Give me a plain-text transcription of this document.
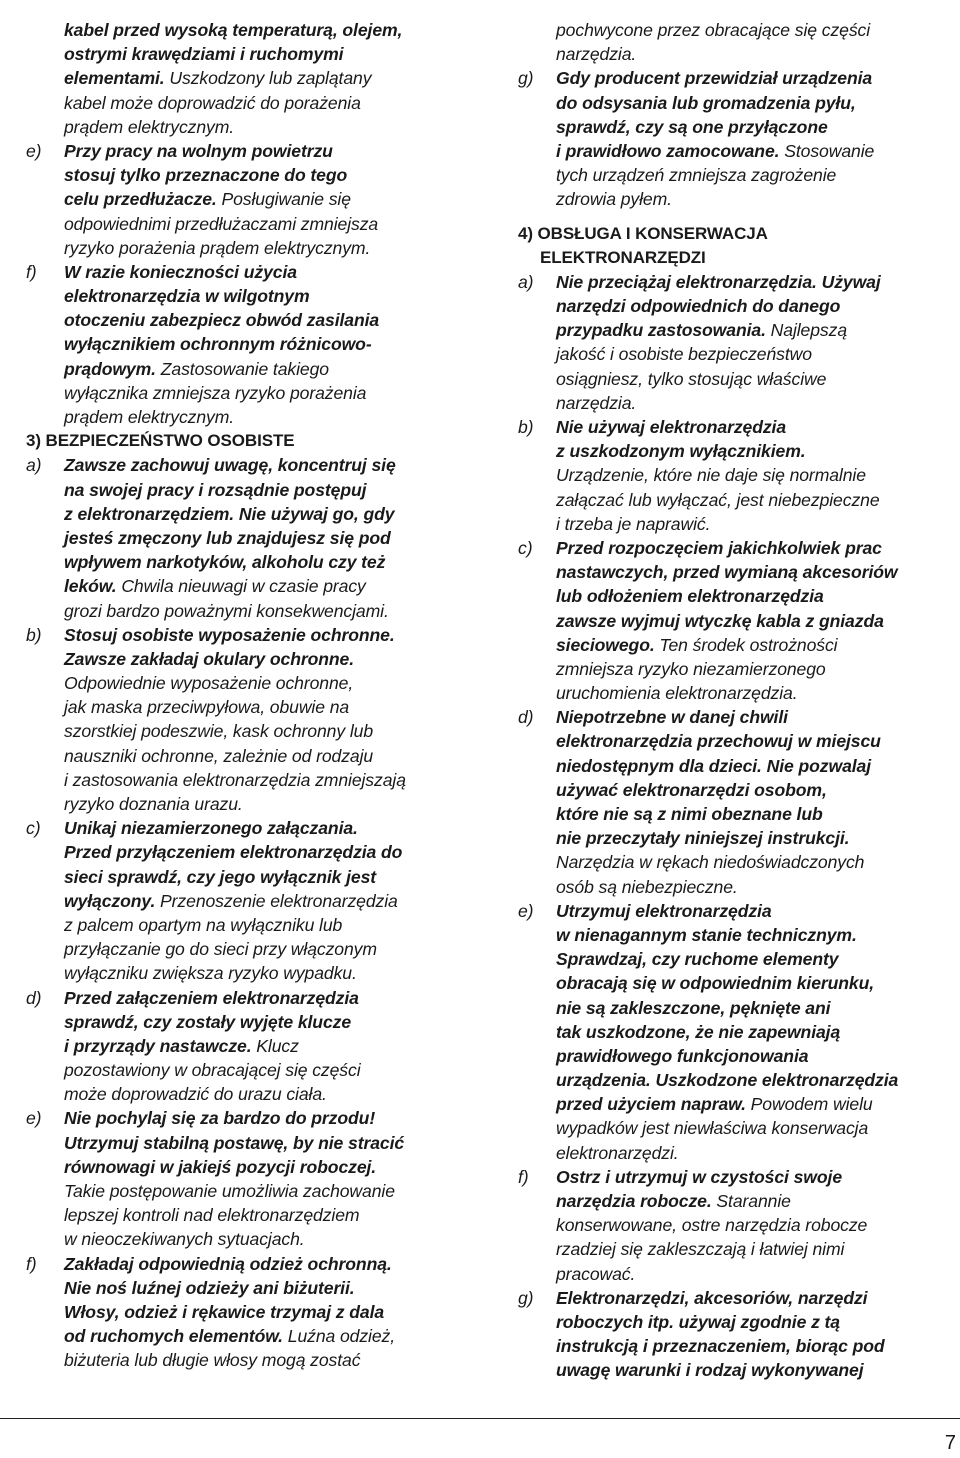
kabel przed wysoką temperaturą, olejem,
ostrymi krawędziami i ruchomymi
elementami. Uszkodzony lub zaplątany
kabel może doprowadzić do porażenia
prądem elektrycznym.
e) Przy pracy na wolnym powietrzu
stosuj tylko przeznaczone do tego
celu przedłużacze. Posługiwanie się
odpowiednimi przedłużaczami zmniejsza
ryzyko porażenia prądem elektrycznym.
f) W razie konieczności użycia
elektronarzędzia w wilgotnym
otoczeniu zabezpiecz obwód zasilania
wyłącznikiem ochronnym różnicowo-
prądowym. Zastosowanie takiego
wyłącznika zmniejsza ryzyko porażenia
prądem elektrycznym.
3) BEZPIECZEŃSTWO OSOBISTE
a) Zawsze zachowuj uwagę, koncentruj się
na swojej pracy i rozsądnie postępuj
z elektronarzędziem. Nie używaj go, gdy
jesteś zmęczony lub znajdujesz się pod
wpływem narkotyków, alkoholu czy też
leków. Chwila nieuwagi w czasie pracy
grozi bardzo poważnymi konsekwencjami.
b) Stosuj osobiste wyposażenie ochronne.
Zawsze zakładaj okulary ochronne.
Odpowiednie wyposażenie ochronne,
jak maska przeciwpyłowa, obuwie na
szorstkiej podeszwie, kask ochronny lub
nauszniki ochronne, zależnie od rodzaju
i zastosowania elektronarzędzia zmniejszają
ryzyko doznania urazu.
c) Unikaj niezamierzonego załączania.
Przed przyłączeniem elektronarzędzia do
sieci sprawdź, czy jego wyłącznik jest
wyłączony. Przenoszenie elektronarzędzia
z palcem opartym na wyłączniku lub
przyłączanie go do sieci przy włączonym
wyłączniku zwiększa ryzyko wypadku.
d) Przed załączeniem elektronarzędzia
sprawdź, czy zostały wyjęte klucze
i przyrządy nastawcze. Klucz
pozostawiony w obracającej się części
może doprowadzić do urazu ciała.
e) Nie pochylaj się za bardzo do przodu!
Utrzymuj stabilną postawę, by nie stracić
równowagi w jakiejś pozycji roboczej.
Takie postępowanie umożliwia zachowanie
lepszej kontroli nad elektronarzędziem
w nieoczekiwanych sytuacjach.
f) Zakładaj odpowiednią odzież ochronną.
Nie noś luźnej odzieży ani biżuterii.
Włosy, odzież i rękawice trzymaj z dala
od ruchomych elementów. Luźna odzież,
biżuteria lub długie włosy mogą zostać
pochwycone przez obracające się części
narzędzia.
g) Gdy producent przewidział urządzenia
do odsysania lub gromadzenia pyłu,
sprawdź, czy są one przyłączone
i prawidłowo zamocowane. Stosowanie
tych urządzeń zmniejsza zagrożenie
zdrowia pyłem.
4) OBSŁUGA I KONSERWACJA
ELEKTRONARZĘDZI
a) Nie przeciążaj elektronarzędzia. Używaj
narzędzi odpowiednich do danego
przypadku zastosowania. Najlepszą
jakość i osobiste bezpieczeństwo
osiągniesz, tylko stosując właściwe
narzędzia.
b) Nie używaj elektronarzędzia
z uszkodzonym wyłącznikiem.
Urządzenie, które nie daje się normalnie
załączać lub wyłączać, jest niebezpieczne
i trzeba je naprawić.
c) Przed rozpoczęciem jakichkolwiek prac
nastawczych, przed wymianą akcesoriów
lub odłożeniem elektronarzędzia
zawsze wyjmuj wtyczkę kabla z gniazda
sieciowego. Ten środek ostrożności
zmniejsza ryzyko niezamierzonego
uruchomienia elektronarzędzia.
d) Niepotrzebne w danej chwili
elektronarzędzia przechowuj w miejscu
niedostępnym dla dzieci. Nie pozwalaj
używać elektronarzędzi osobom,
które nie są z nimi obeznane lub
nie przeczytały niniejszej instrukcji.
Narzędzia w rękach niedoświadczonych
osób są niebezpieczne.
e) Utrzymuj elektronarzędzia
w nienagannym stanie technicznym.
Sprawdzaj, czy ruchome elementy
obracają się w odpowiednim kierunku,
nie są zakleszczone, pęknięte ani
tak uszkodzone, że nie zapewniają
prawidłowego funkcjonowania
urządzenia. Uszkodzone elektronarzędzia
przed użyciem napraw. Powodem wielu
wypadków jest niewłaściwa konserwacja
elektronarzędzi.
f) Ostrz i utrzymuj w czystości swoje
narzędzia robocze. Starannie
konserwowane, ostre narzędzia robocze
rzadziej się zakleszczają i łatwiej nimi
pracować.
g) Elektronarzędzi, akcesoriów, narzędzi
roboczych itp. używaj zgodnie z tą
instrukcją i przeznaczeniem, biorąc pod
uwagę warunki i rodzaj wykonywanej
7
